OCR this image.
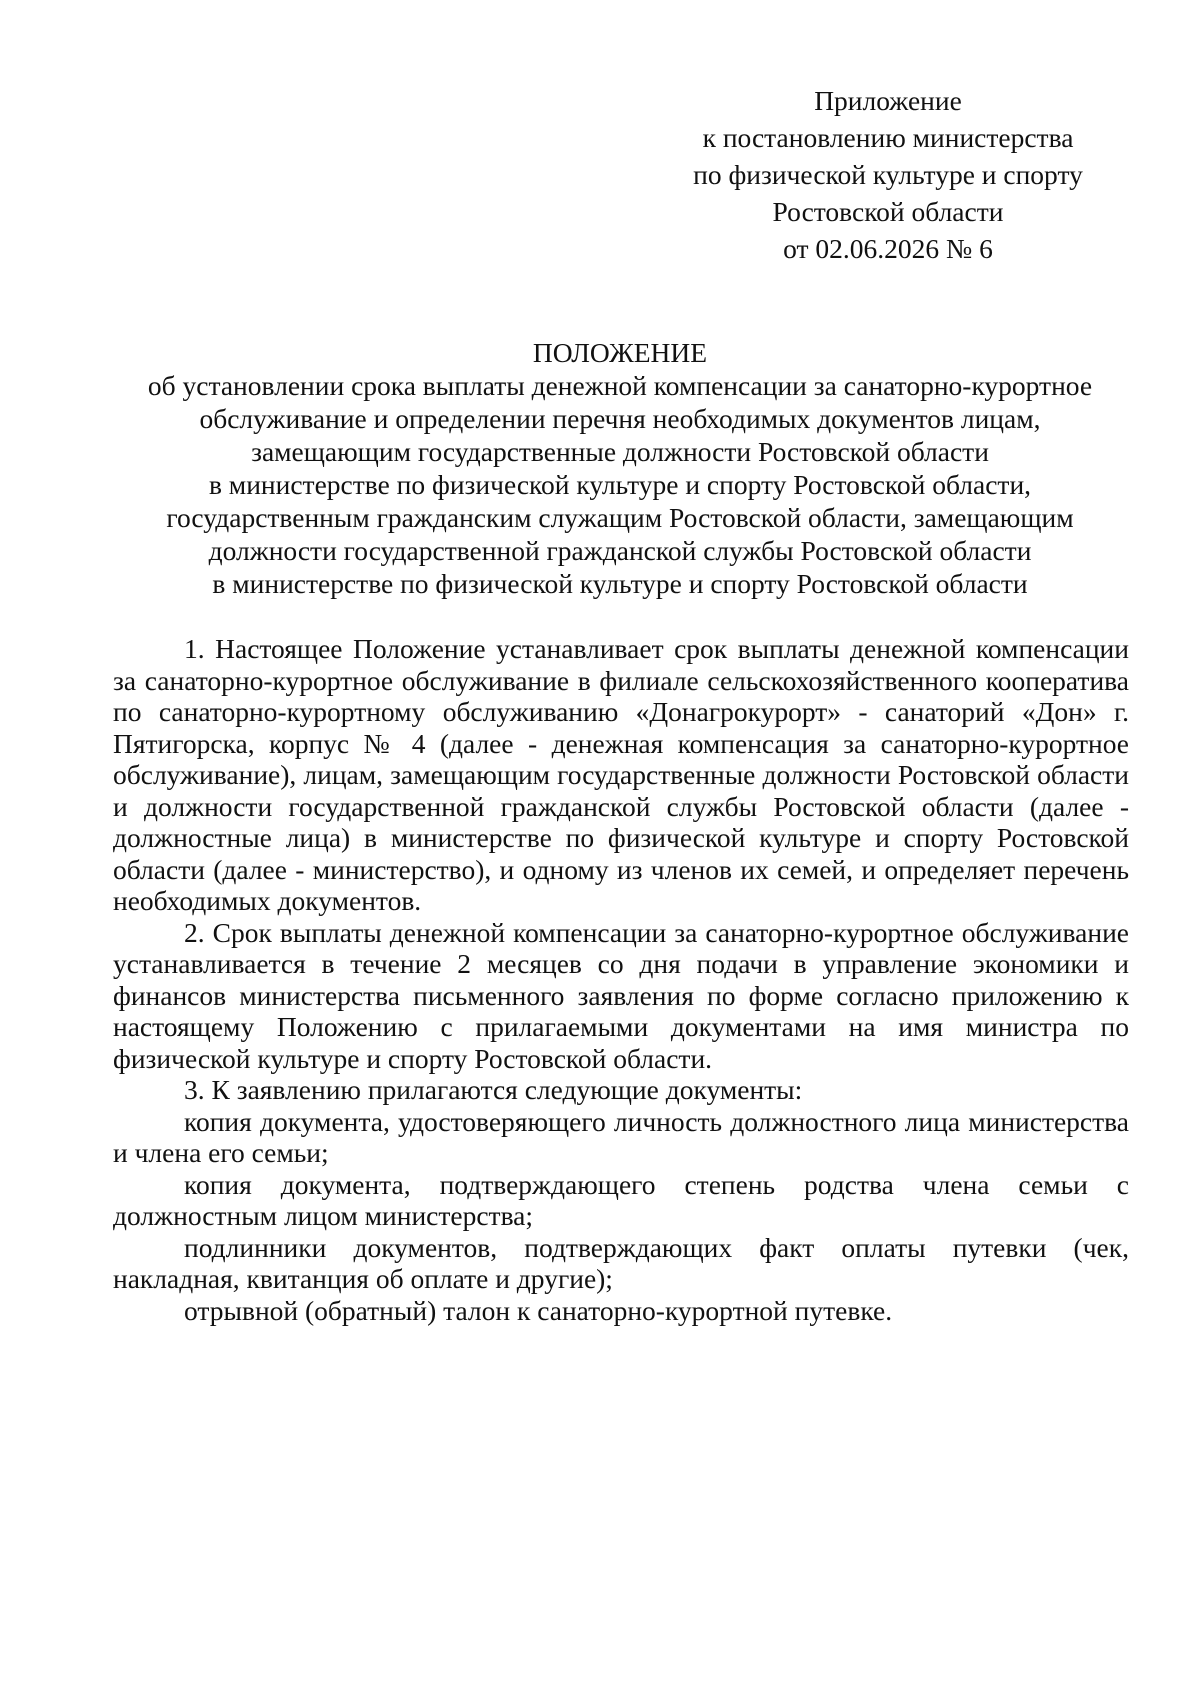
Приложение
к постановлению министерства
по физической культуре и спорту
Ростовской области
от 02.06.2026 № 6
ПОЛОЖЕНИЕ
об установлении срока выплаты денежной компенсации за санаторно-курортное
обслуживание и определении перечня необходимых документов лицам,
замещающим государственные должности Ростовской области
в министерстве по физической культуре и спорту Ростовской области,
государственным гражданским служащим Ростовской области, замещающим
должности государственной гражданской службы Ростовской области
в министерстве по физической культуре и спорту Ростовской области

1. Настоящее Положение устанавливает срок выплаты денежной компенсации за санаторно-курортное обслуживание в филиале сельскохозяйственного кооператива по санаторно-курортному обслуживанию «Донагрокурорт» - санаторий «Дон» г. Пятигорска, корпус № 4 (далее - денежная компенсация за санаторно-курортное обслуживание), лицам, замещающим государственные должности Ростовской области и должности государственной гражданской службы Ростовской области (далее - должностные лица) в министерстве по физической культуре и спорту Ростовской области (далее - министерство), и одному из членов их семей, и определяет перечень необходимых документов.

2. Срок выплаты денежной компенсации за санаторно-курортное обслуживание устанавливается в течение 2 месяцев со дня подачи в управление экономики и финансов министерства письменного заявления по форме согласно приложению к настоящему Положению с прилагаемыми документами на имя министра по физической культуре и спорту Ростовской области.

3. К заявлению прилагаются следующие документы:

копия документа, удостоверяющего личность должностного лица министерства и члена его семьи;

копия документа, подтверждающего степень родства члена семьи с должностным лицом министерства;

подлинники документов, подтверждающих факт оплаты путевки (чек, накладная, квитанция об оплате и другие);

отрывной (обратный) талон к санаторно-курортной путевке.
